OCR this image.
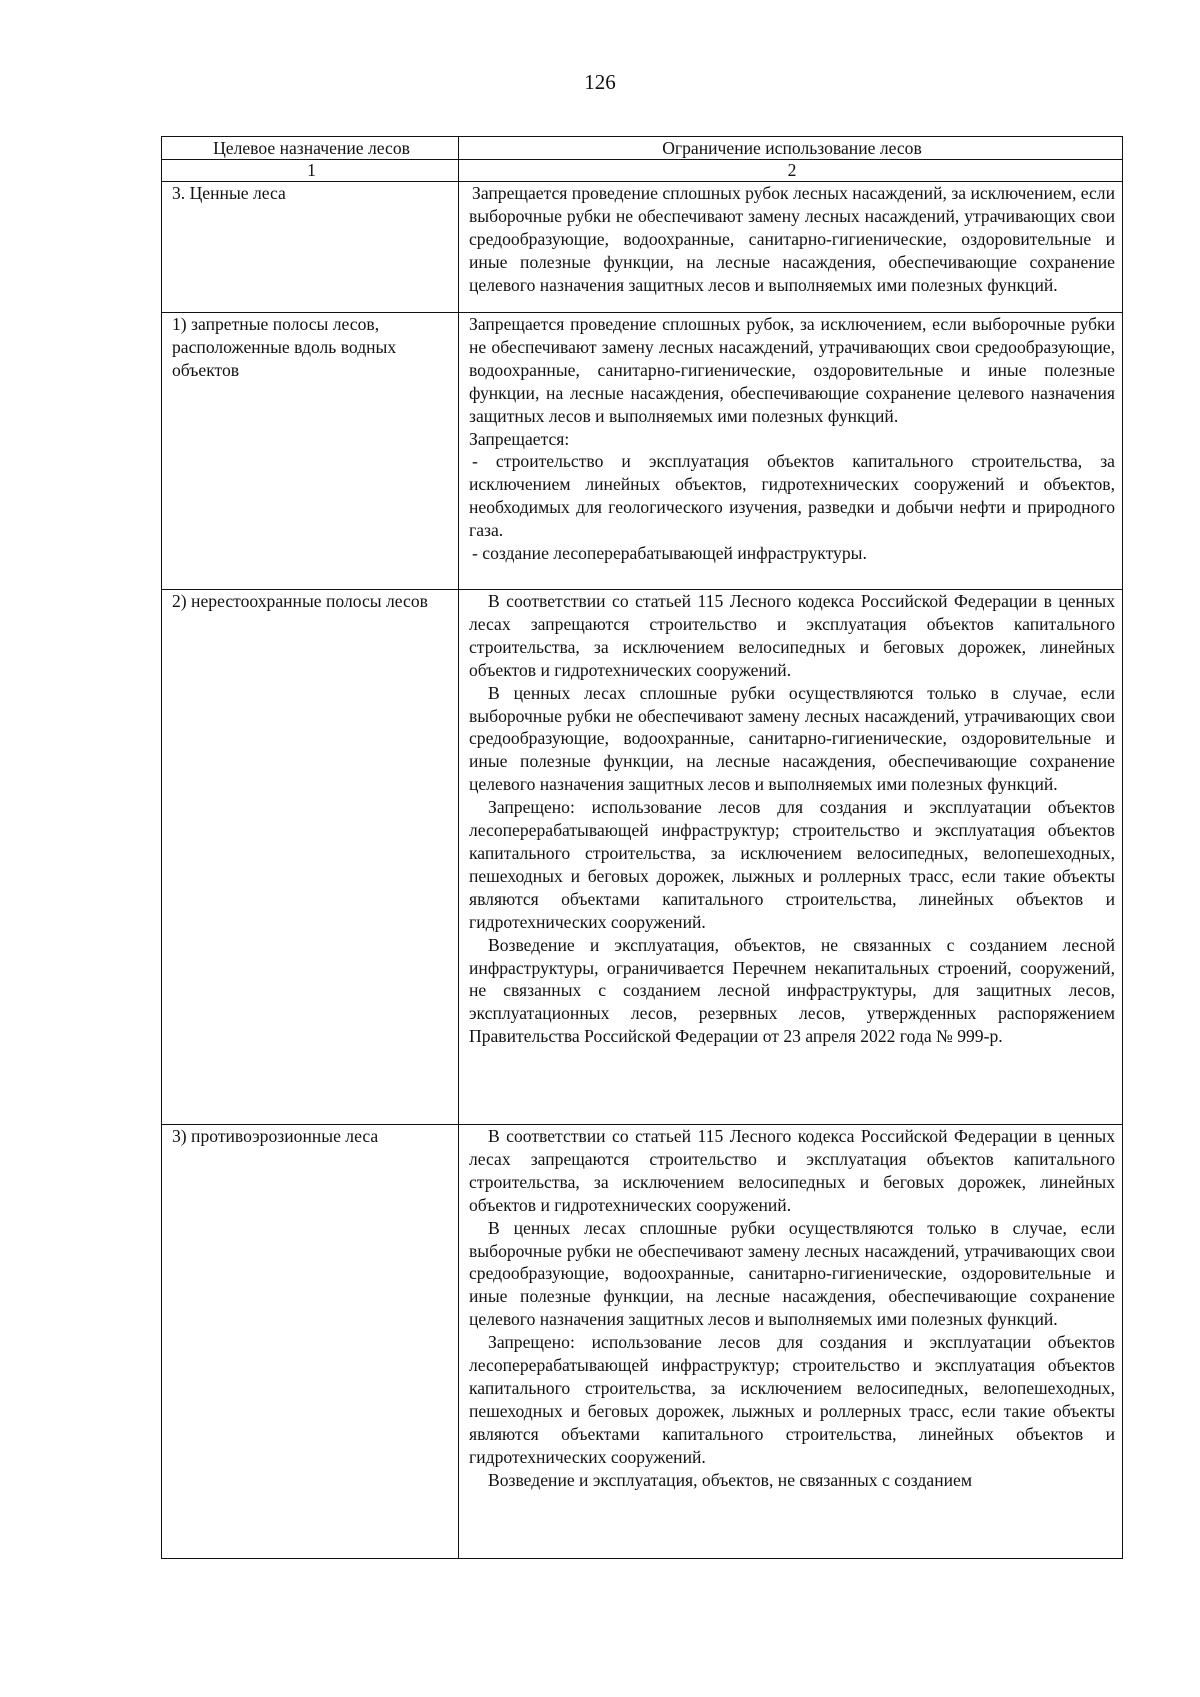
126
Целевое назначение лесов	Ограничение использование лесов
1	2
3. Ценные леса	Запрещается проведение сплошных рубок лесных насаждений, за исключением, если выборочные рубки не обеспечивают замену лесных насаждений, утрачивающих свои средообразующие, водоохранные, санитарно-гигиенические, оздоровительные и иные полезные функции, на лесные насаждения, обеспечивающие сохранение целевого назначения защитных лесов и выполняемых ими полезных функций.

1) запретные полосы лесов, расположенные вдоль водных объектов	Запрещается проведение сплошных рубок, за исключением, если выборочные рубки не обеспечивают замену лесных насаждений, утрачивающих свои средообразующие, водоохранные, санитарно-гигиенические, оздоровительные и иные полезные функции, на лесные насаждения, обеспечивающие сохранение целевого назначения защитных лесов и выполняемых ими полезных функций.

Запрещается:

- строительство и эксплуатация объектов капитального строительства, за исключением линейных объектов, гидротехнических сооружений и объектов, необходимых для геологического изучения, разведки и добычи нефти и природного газа.

- создание лесоперерабатывающей инфраструктуры.

2) нерестоохранные полосы лесов	В соответствии со статьей 115 Лесного кодекса Российской Федерации в ценных лесах запрещаются строительство и эксплуатация объектов капитального строительства, за исключением велосипедных и беговых дорожек, линейных объектов и гидротехнических сооружений.

В ценных лесах сплошные рубки осуществляются только в случае, если выборочные рубки не обеспечивают замену лесных насаждений, утрачивающих свои средообразующие, водоохранные, санитарно-гигиенические, оздоровительные и иные полезные функции, на лесные насаждения, обеспечивающие сохранение целевого назначения защитных лесов и выполняемых ими полезных функций.

Запрещено: использование лесов для создания и эксплуатации объектов лесоперерабатывающей инфраструктур; строительство и эксплуатация объектов капитального строительства, за исключением велосипедных, велопешеходных, пешеходных и беговых дорожек, лыжных и роллерных трасс, если такие объекты являются объектами капитального строительства, линейных объектов и гидротехнических сооружений.

Возведение и эксплуатация, объектов, не связанных с созданием лесной инфраструктуры, ограничивается Перечнем некапитальных строений, сооружений, не связанных с созданием лесной инфраструктуры, для защитных лесов, эксплуатационных лесов, резервных лесов, утвержденных распоряжением Правительства Российской Федерации от 23 апреля 2022 года № 999-р.

3) противоэрозионные леса	В соответствии со статьей 115 Лесного кодекса Российской Федерации в ценных лесах запрещаются строительство и эксплуатация объектов капитального строительства, за исключением велосипедных и беговых дорожек, линейных объектов и гидротехнических сооружений.

В ценных лесах сплошные рубки осуществляются только в случае, если выборочные рубки не обеспечивают замену лесных насаждений, утрачивающих свои средообразующие, водоохранные, санитарно-гигиенические, оздоровительные и иные полезные функции, на лесные насаждения, обеспечивающие сохранение целевого назначения защитных лесов и выполняемых ими полезных функций.

Запрещено: использование лесов для создания и эксплуатации объектов лесоперерабатывающей инфраструктур; строительство и эксплуатация объектов капитального строительства, за исключением велосипедных, велопешеходных, пешеходных и беговых дорожек, лыжных и роллерных трасс, если такие объекты являются объектами капитального строительства, линейных объектов и гидротехнических сооружений.

Возведение и эксплуатация, объектов, не связанных с созданием
